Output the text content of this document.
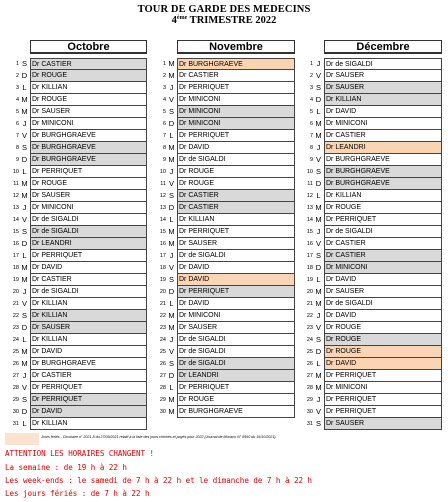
TOUR DE GARDE DES MEDECINS
4ème TRIMESTRE 2022
Octobre
1 S Dr CASTIER
2 D Dr ROUGE
3 L Dr KILLIAN
4 M Dr ROUGE
5 M Dr SAUSER
6 J Dr MINICONI
7 V Dr BURGHGRAEVE
8 S Dr BURGHGRAEVE
9 D Dr BURGHGRAEVE
10 L Dr PERRIQUET
11 M Dr ROUGE
12 M Dr SAUSER
13 J Dr MINICONI
14 V Dr de SIGALDI
15 S Dr de SIGALDI
16 D Dr LEANDRI
17 L Dr PERRIQUET
18 M Dr DAVID
19 M Dr CASTIER
20 J Dr de SIGALDI
21 V Dr KILLIAN
22 S Dr KILLIAN
23 D Dr SAUSER
24 L Dr KILLIAN
25 M Dr DAVID
26 M Dr BURGHGRAEVE
27 J Dr CASTIER
28 V Dr PERRIQUET
29 S Dr PERRIQUET
30 D Dr DAVID
31 L Dr KILLIAN
Novembre
1 M Dr BURGHGRAEVE
2 M Dr CASTIER
3 J Dr PERRIQUET
4 V Dr MINICONI
5 S Dr MINICONI
6 D Dr MINICONI
7 L Dr PERRIQUET
8 M Dr DAVID
9 M Dr de SIGALDI
10 J Dr ROUGE
11 V Dr ROUGE
12 S Dr CASTIER
13 D Dr CASTIER
14 L Dr KILLIAN
15 M Dr PERRIQUET
16 M Dr SAUSER
17 J Dr de SIGALDI
18 V Dr DAVID
19 S Dr DAVID
20 D Dr PERRIQUET
21 L Dr DAVID
22 M Dr MINICONI
23 M Dr SAUSER
24 J Dr de SIGALDI
25 V Dr de SIGALDI
26 S Dr de SIGALDI
27 D Dr LEANDRI
28 L Dr PERRIQUET
29 M Dr ROUGE
30 M Dr BURGHGRAEVE
Décembre
1 J Dr de SIGALDI
2 V Dr SAUSER
3 S Dr SAUSER
4 D Dr KILLIAN
5 L Dr DAVID
6 M Dr MINICONI
7 M Dr CASTIER
8 J Dr LEANDRI
9 V Dr BURGHGRAEVE
10 S Dr BURGHGRAEVE
11 D Dr BURGHGRAEVE
12 L Dr KILLIAN
13 M Dr ROUGE
14 M Dr PERRIQUET
15 J Dr de SIGALDI
16 V Dr CASTIER
17 S Dr CASTIER
18 D Dr MINICONI
19 L Dr DAVID
20 M Dr SAUSER
21 M Dr de SIGALDI
22 J Dr DAVID
23 V Dr ROUGE
24 S Dr ROUGE
25 D Dr ROUGE
26 L Dr DAVID
27 M Dr PERRIQUET
28 M Dr MINICONI
29 J Dr PERRIQUET
30 V Dr PERRIQUET
31 S Dr SAUSER
Jours fériés - Circulaire n° 2021-8 du 27/09/2021 relatif à la liste des jours chômés et payés pour 2022 (Journal de Monaco N° 8560 du 15/10/2021).
ATTENTION LES HORAIRES CHANGENT !
La semaine : de 19 h à 22 h
Les week-ends : le samedi de 7 h à 22 h et le dimanche de 7 h à 22 h
Les jours fériés : de 7 h à 22 h
